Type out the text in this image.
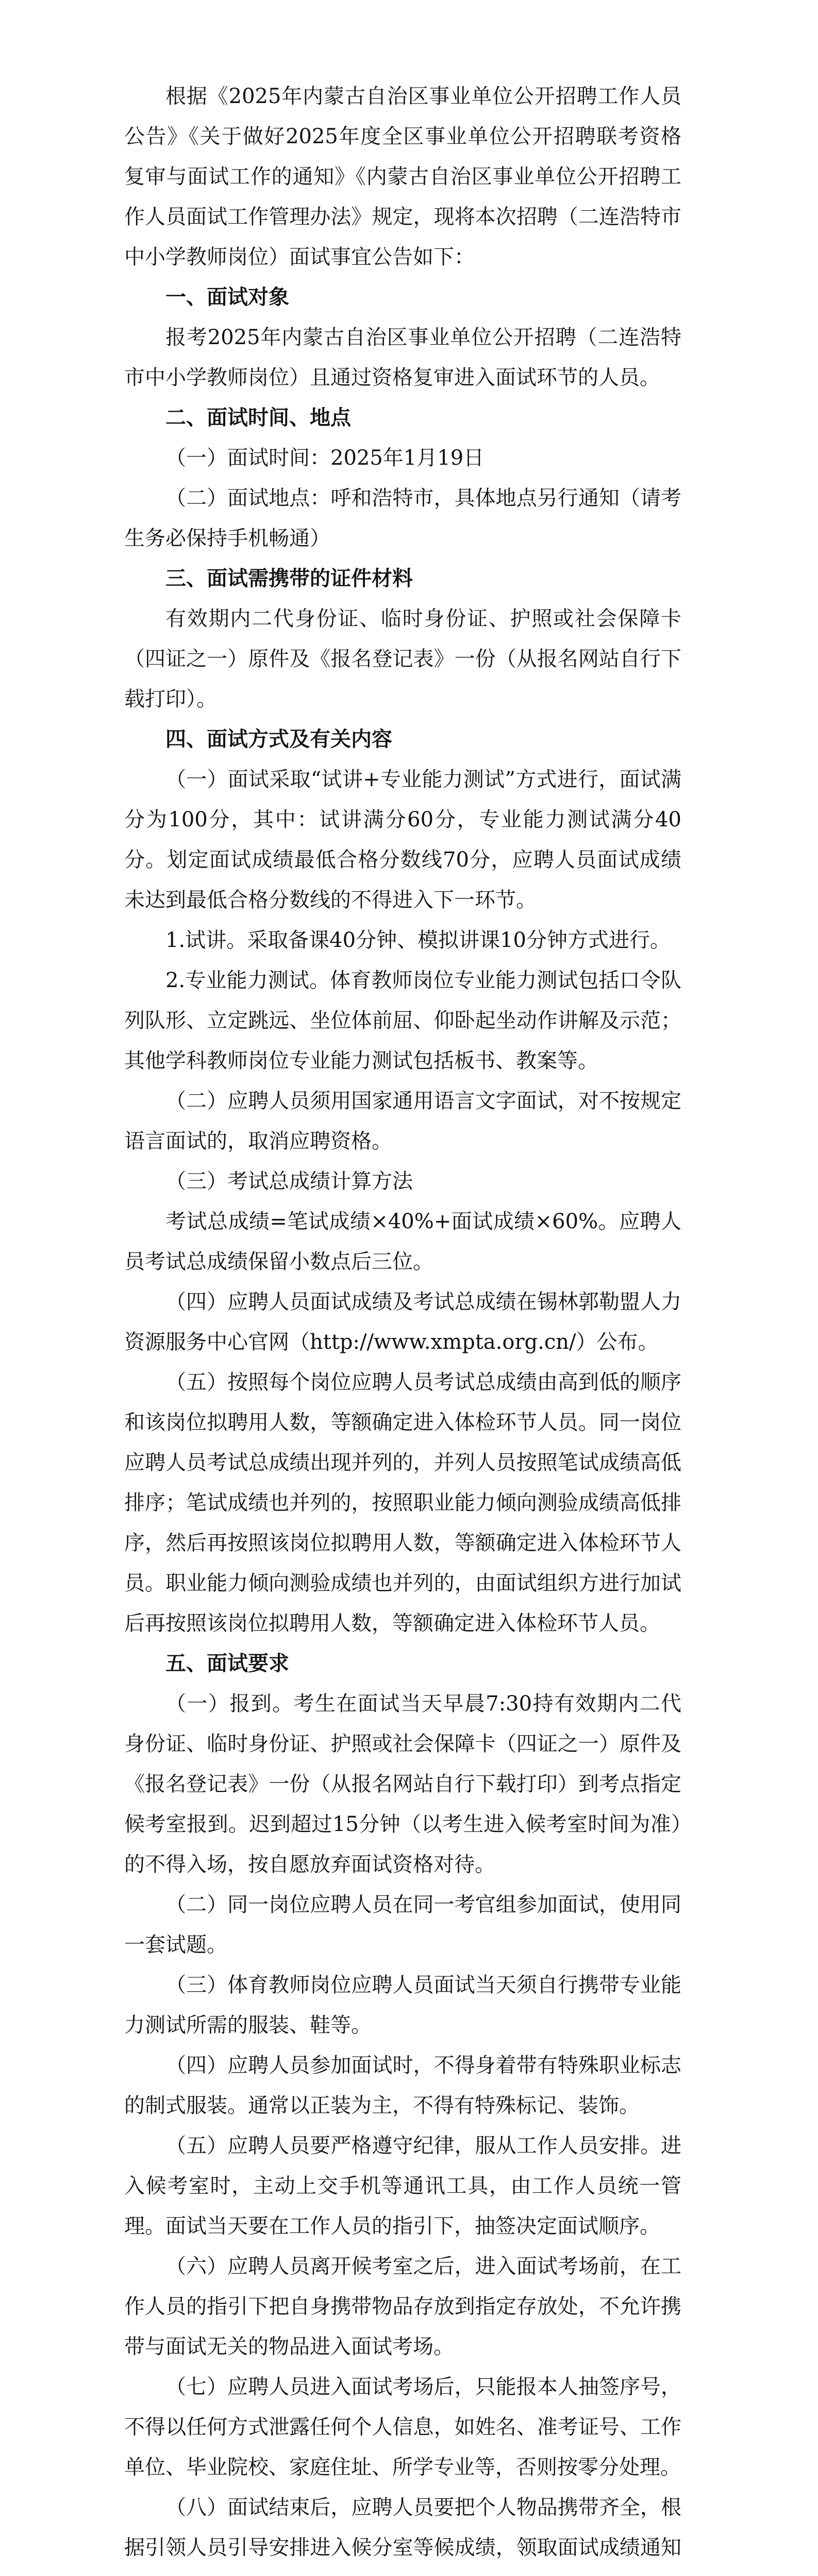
根据《2025年内蒙古自治区事业单位公开招聘工作人员公告》《关于做好2025年度全区事业单位公开招聘联考资格复审与面试工作的通知》《内蒙古自治区事业单位公开招聘工作人员面试工作管理办法》规定，现将本次招聘（二连浩特市中小学教师岗位）面试事宜公告如下：

一、面试对象

报考2025年内蒙古自治区事业单位公开招聘（二连浩特市中小学教师岗位）且通过资格复审进入面试环节的人员。

二、面试时间、地点

（一）面试时间：2025年1月19日

（二）面试地点：呼和浩特市，具体地点另行通知（请考生务必保持手机畅通）

三、面试需携带的证件材料

有效期内二代身份证、临时身份证、护照或社会保障卡（四证之一）原件及《报名登记表》一份（从报名网站自行下载打印）。

四、面试方式及有关内容

（一）面试采取“试讲+专业能力测试”方式进行，面试满分为100分，其中：试讲满分60分，专业能力测试满分40分。划定面试成绩最低合格分数线70分，应聘人员面试成绩未达到最低合格分数线的不得进入下一环节。

1.试讲。采取备课40分钟、模拟讲课10分钟方式进行。

2.专业能力测试。体育教师岗位专业能力测试包括口令队列队形、立定跳远、坐位体前屈、仰卧起坐动作讲解及示范；其他学科教师岗位专业能力测试包括板书、教案等。

（二）应聘人员须用国家通用语言文字面试，对不按规定语言面试的，取消应聘资格。

（三）考试总成绩计算方法

考试总成绩=笔试成绩×40%+面试成绩×60%。应聘人员考试总成绩保留小数点后三位。

（四）应聘人员面试成绩及考试总成绩在锡林郭勒盟人力资源服务中心官网（http://www.xmpta.org.cn/）公布。

（五）按照每个岗位应聘人员考试总成绩由高到低的顺序和该岗位拟聘用人数，等额确定进入体检环节人员。同一岗位应聘人员考试总成绩出现并列的，并列人员按照笔试成绩高低排序；笔试成绩也并列的，按照职业能力倾向测验成绩高低排序，然后再按照该岗位拟聘用人数，等额确定进入体检环节人员。职业能力倾向测验成绩也并列的，由面试组织方进行加试后再按照该岗位拟聘用人数，等额确定进入体检环节人员。

五、面试要求

（一）报到。考生在面试当天早晨7:30持有效期内二代身份证、临时身份证、护照或社会保障卡（四证之一）原件及《报名登记表》一份（从报名网站自行下载打印）到考点指定候考室报到。迟到超过15分钟（以考生进入候考室时间为准）的不得入场，按自愿放弃面试资格对待。

（二）同一岗位应聘人员在同一考官组参加面试，使用同一套试题。

（三）体育教师岗位应聘人员面试当天须自行携带专业能力测试所需的服装、鞋等。

（四）应聘人员参加面试时，不得身着带有特殊职业标志的制式服装。通常以正装为主，不得有特殊标记、装饰。

（五）应聘人员要严格遵守纪律，服从工作人员安排。进入候考室时，主动上交手机等通讯工具，由工作人员统一管理。面试当天要在工作人员的指引下，抽签决定面试顺序。

（六）应聘人员离开候考室之后，进入面试考场前，在工作人员的指引下把自身携带物品存放到指定存放处，不允许携带与面试无关的物品进入面试考场。

（七）应聘人员进入面试考场后，只能报本人抽签序号，不得以任何方式泄露任何个人信息，如姓名、准考证号、工作单位、毕业院校、家庭住址、所学专业等，否则按零分处理。

（八）面试结束后，应聘人员要把个人物品携带齐全，根据引领人员引导安排进入候分室等候成绩，领取面试成绩通知
